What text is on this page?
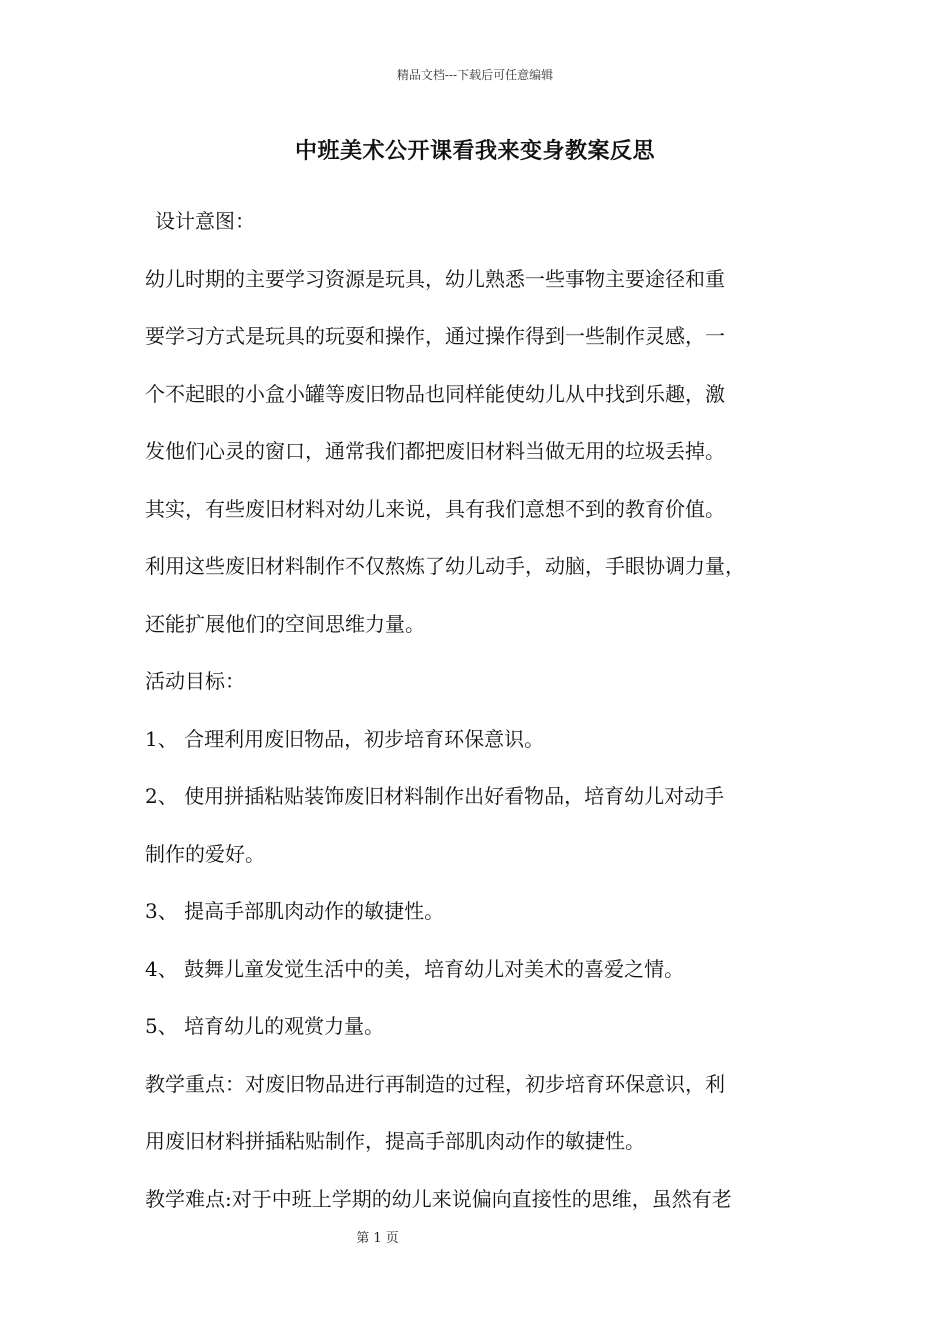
精品文档---下载后可任意编辑
中班美术公开课看我来变身教案反思
设计意图：
幼儿时期的主要学习资源是玩具，幼儿熟悉一些事物主要途径和重
要学习方式是玩具的玩耍和操作，通过操作得到一些制作灵感，一
个不起眼的小盒小罐等废旧物品也同样能使幼儿从中找到乐趣，激
发他们心灵的窗口，通常我们都把废旧材料当做无用的垃圾丢掉。
其实，有些废旧材料对幼儿来说，具有我们意想不到的教育价值。
利用这些废旧材料制作不仅熬炼了幼儿动手，动脑，手眼协调力量，
还能扩展他们的空间思维力量。
活动目标：
1、 合理利用废旧物品，初步培育环保意识。
2、 使用拼插粘贴装饰废旧材料制作出好看物品，培育幼儿对动手
制作的爱好。
3、 提高手部肌肉动作的敏捷性。
4、 鼓舞儿童发觉生活中的美，培育幼儿对美术的喜爱之情。
5、 培育幼儿的观赏力量。
教学重点：对废旧物品进行再制造的过程，初步培育环保意识，利
用废旧材料拼插粘贴制作，提高手部肌肉动作的敏捷性。
教学难点:对于中班上学期的幼儿来说偏向直接性的思维，虽然有老
第 1 页
